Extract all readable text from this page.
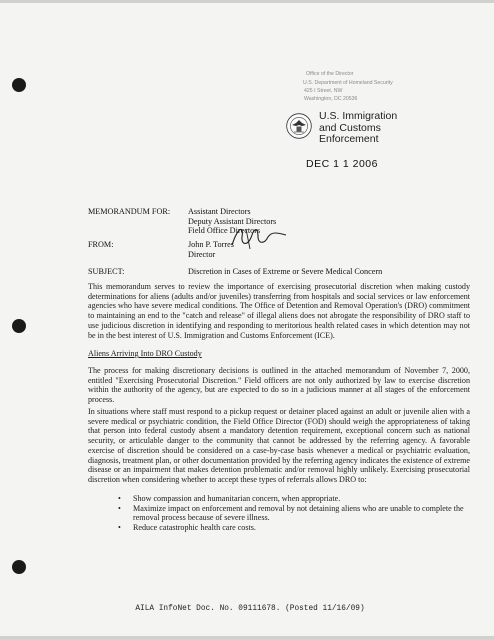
Office of the Director
U.S. Department of Homeland Security
425 I Street, NW
Washington, DC 20536
U.S. Immigration
and Customs
Enforcement
DEC 1 1 2006
MEMORANDUM FOR: Assistant Directors
Deputy Assistant Directors
Field Office Directors
FROM:	John P. Torres
Director
SUBJECT:	Discretion in Cases of Extreme or Severe Medical Concern
This memorandum serves to review the importance of exercising prosecutorial discretion when making custody determinations for aliens (adults and/or juveniles) transferring from hospitals and social services or law enforcement agencies who have severe medical conditions. The Office of Detention and Removal Operation's (DRO) commitment to maintaining an end to the "catch and release" of illegal aliens does not abrogate the responsibility of DRO staff to use judicious discretion in identifying and responding to meritorious health related cases in which detention may not be in the best interest of U.S. Immigration and Customs Enforcement (ICE).
Aliens Arriving Into DRO Custody
The process for making discretionary decisions is outlined in the attached memorandum of November 7, 2000, entitled "Exercising Prosecutorial Discretion." Field officers are not only authorized by law to exercise discretion within the authority of the agency, but are expected to do so in a judicious manner at all stages of the enforcement process.
In situations where staff must respond to a pickup request or detainer placed against an adult or juvenile alien with a severe medical or psychiatric condition, the Field Office Director (FOD) should weigh the appropriateness of taking that person into federal custody absent a mandatory detention requirement, exceptional concern such as national security, or articulable danger to the community that cannot be addressed by the referring agency. A favorable exercise of discretion should be considered on a case-by-case basis whenever a medical or psychiatric evaluation, diagnosis, treatment plan, or other documentation provided by the referring agency indicates the existence of extreme disease or an impairment that makes detention problematic and/or removal highly unlikely. Exercising prosecutorial discretion when considering whether to accept these types of referrals allows DRO to:
• Show compassion and humanitarian concern, when appropriate.
• Maximize impact on enforcement and removal by not detaining aliens who are unable to complete the removal process because of severe illness.
• Reduce catastrophic health care costs.
AILA InfoNet Doc. No. 09111678. (Posted 11/16/09)
